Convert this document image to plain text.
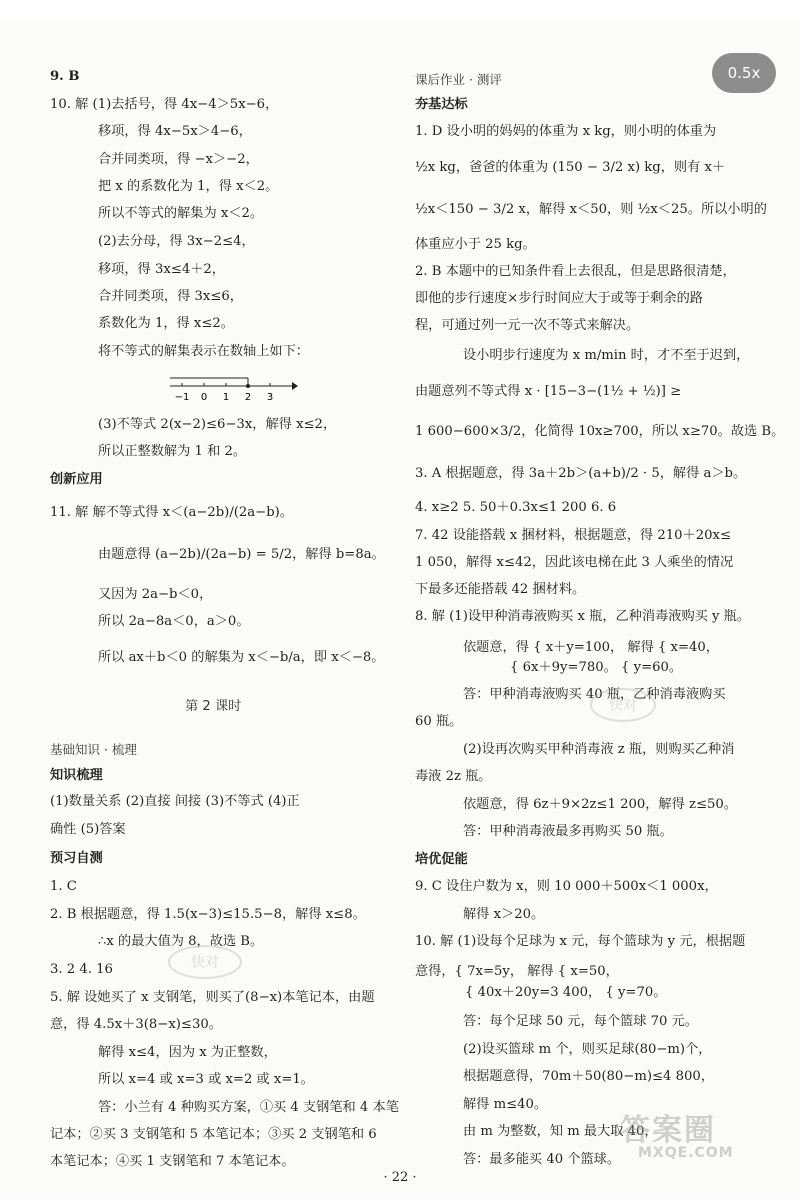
0.5x
9. B
10. 解 (1)去括号，得 4x−4＞5x−6，
移项，得 4x−5x＞4−6，
合并同类项，得 −x＞−2，
把 x 的系数化为 1，得 x＜2。
所以不等式的解集为 x＜2。
(2)去分母，得 3x−2≤4，
移项，得 3x≤4＋2，
合并同类项，得 3x≤6，
系数化为 1，得 x≤2。
将不等式的解集表示在数轴上如下：
(3)不等式 2(x−2)≤6−3x，解得 x≤2，
所以正整数解为 1 和 2。
创新应用
11. 解 解不等式得 x＜(a−2b)/(2a−b)。
由题意得 (a−2b)/(2a−b) = 5/2，解得 b=8a。
又因为 2a−b＜0，
所以 2a−8a＜0，a＞0。
所以 ax＋b＜0 的解集为 x＜−b/a，即 x＜−8。
第 2 课时
基础知识 · 梳理
知识梳理
(1)数量关系 (2)直接 间接 (3)不等式 (4)正
确性 (5)答案
预习自测
1. C
2. B 根据题意，得 1.5(x−3)≤15.5−8，解得 x≤8。
∴x 的最大值为 8，故选 B。
3. 2 4. 16
5. 解 设她买了 x 支钢笔，则买了(8−x)本笔记本，由题
意，得 4.5x＋3(8−x)≤30。
解得 x≤4，因为 x 为正整数，
所以 x=4 或 x=3 或 x=2 或 x=1。
答：小兰有 4 种购买方案，①买 4 支钢笔和 4 本笔
记本；②买 3 支钢笔和 5 本笔记本；③买 2 支钢笔和 6
本笔记本；④买 1 支钢笔和 7 本笔记本。
−1 0 1 2 3
课后作业 · 测评
夯基达标
1. D 设小明的妈妈的体重为 x kg，则小明的体重为
½x kg，爸爸的体重为 (150 − 3/2 x) kg，则有 x＋
½x＜150 − 3/2 x，解得 x＜50，则 ½x＜25。所以小明的
体重应小于 25 kg。
2. B 本题中的已知条件看上去很乱，但是思路很清楚，
即他的步行速度×步行时间应大于或等于剩余的路
程，可通过列一元一次不等式来解决。
设小明步行速度为 x m/min 时，才不至于迟到，
由题意列不等式得 x · [15−3−(1½ + ½)] ≥
1 600−600×3/2，化简得 10x≥700，所以 x≥70。故选 B。
3. A 根据题意，得 3a＋2b＞(a+b)/2 · 5，解得 a＞b。
4. x≥2 5. 50＋0.3x≤1 200 6. 6
7. 42 设能搭载 x 捆材料，根据题意，得 210＋20x≤
1 050，解得 x≤42，因此该电梯在此 3 人乘坐的情况
下最多还能搭载 42 捆材料。
8. 解 (1)设甲种消毒液购买 x 瓶，乙种消毒液购买 y 瓶。
依题意，得 { x＋y=100， 解得 { x=40，
{ 6x＋9y=780。 { y=60。
答：甲种消毒液购买 40 瓶，乙种消毒液购买
60 瓶。
(2)设再次购买甲种消毒液 z 瓶，则购买乙种消
毒液 2z 瓶。
依题意，得 6z＋9×2z≤1 200，解得 z≤50。
答：甲种消毒液最多再购买 50 瓶。
培优促能
9. C 设住户数为 x，则 10 000＋500x＜1 000x，
解得 x＞20。
10. 解 (1)设每个足球为 x 元，每个篮球为 y 元，根据题
意得，{ 7x=5y， 解得 { x=50，
{ 40x＋20y=3 400， { y=70。
答：每个足球 50 元，每个篮球 70 元。
(2)设买篮球 m 个，则买足球(80−m)个，
根据题意得，70m＋50(80−m)≤4 800，
解得 m≤40。
由 m 为整数，知 m 最大取 40，
答：最多能买 40 个篮球。
快对
快对
答案圈
MXQE.COM
· 22 ·
